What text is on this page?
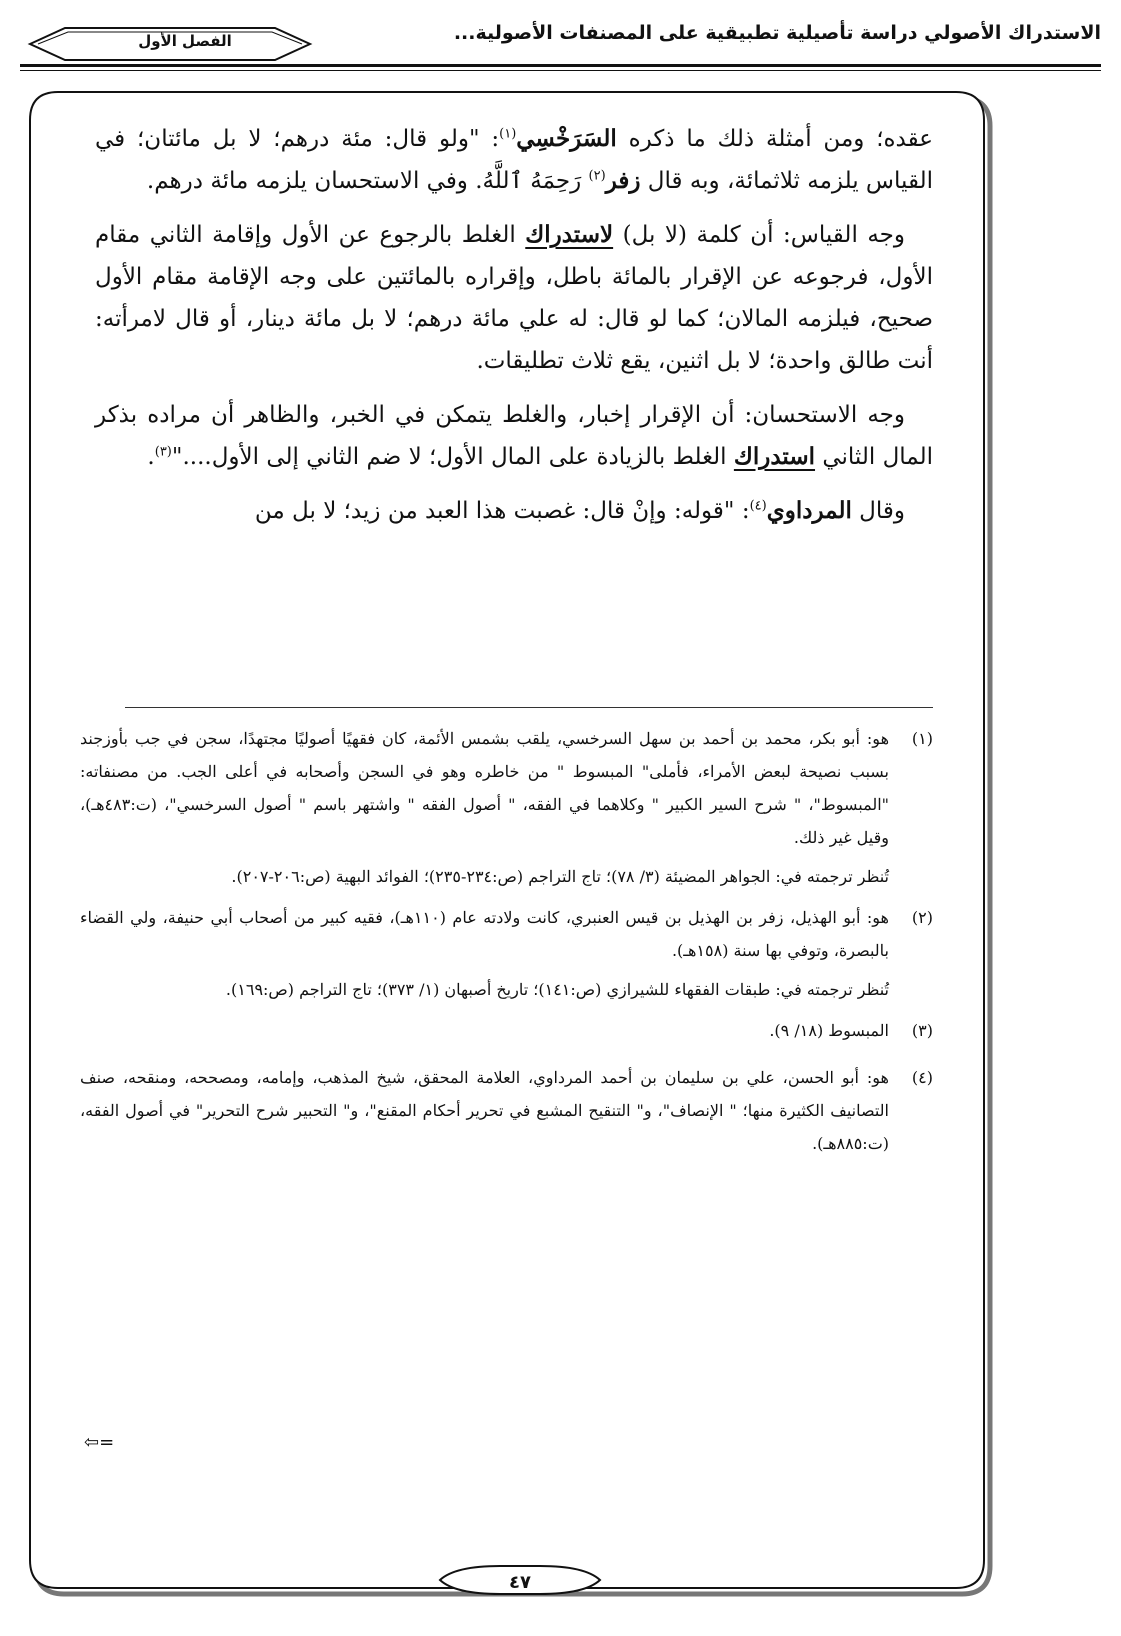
الفصل الأول	الاستدراك الأصولي دراسة تأصيلية تطبيقية على المصنفات الأصولية...

عقده؛ ومن أمثلة ذلك ما ذكره السَرَخْسِي$^{(١)}$: "ولو قال: مئة درهم؛ لا بل مائتان؛ في القياس يلزمه ثلاثمائة، وبه قال زفر$^{(٢)}$ رَحِمَهُ ٱللَّهُ. وفي الاستحسان يلزمه مائة درهم.

وجه القياس: أن كلمة (لا بل) لاستدراك الغلط بالرجوع عن الأول وإقامة الثاني مقام الأول، فرجوعه عن الإقرار بالمائة باطل، وإقراره بالمائتين على وجه الإقامة مقام الأول صحيح، فيلزمه المالان؛ كما لو قال: له علي مائة درهم؛ لا بل مائة دينار، أو قال لامرأته: أنت طالق واحدة؛ لا بل اثنين، يقع ثلاث تطليقات.

وجه الاستحسان: أن الإقرار إخبار، والغلط يتمكن في الخبر، والظاهر أن مراده بذكر المال الثاني استدراك الغلط بالزيادة على المال الأول؛ لا ضم الثاني إلى الأول...."$^{(٣)}$.

وقال المرداوي$^{(٤)}$: "قوله: وإنْ قال: غصبت هذا العبد من زيد؛ لا بل من

(١)

هو: أبو بكر، محمد بن أحمد بن سهل السرخسي، يلقب بشمس الأئمة، كان فقهيًا أصوليًا مجتهدًا، سجن في جب بأوزجند بسبب نصيحة لبعض الأمراء، فأملى" المبسوط " من خاطره وهو في السجن وأصحابه في أعلى الجب. من مصنفاته: "المبسوط"، " شرح السير الكبير " وكلاهما في الفقه، " أصول الفقه " واشتهر باسم " أصول السرخسي"، (ت:٤٨٣هـ)، وقيل غير ذلك.

تُنظر ترجمته في: الجواهر المضيئة (٣/ ٧٨)؛ تاج التراجم (ص:٢٣٤-٢٣٥)؛ الفوائد البهية (ص:٢٠٦-٢٠٧).

(٢)

هو: أبو الهذيل، زفر بن الهذيل بن قيس العنبري، كانت ولادته عام (١١٠هـ)، فقيه كبير من أصحاب أبي حنيفة، ولي القضاء بالبصرة، وتوفي بها سنة (١٥٨هـ).

تُنظر ترجمته في: طبقات الفقهاء للشيرازي (ص:١٤١)؛ تاريخ أصبهان (١/ ٣٧٣)؛ تاج التراجم (ص:١٦٩).

(٣)

المبسوط (١٨/ ٩).

(٤)

هو: أبو الحسن، علي بن سليمان بن أحمد المرداوي، العلامة المحقق، شيخ المذهب، وإمامه، ومصححه، ومنقحه، صنف التصانيف الكثيرة منها؛ " الإنصاف"، و" التنقيح المشبع في تحرير أحكام المقنع"، و" التحبير شرح التحرير" في أصول الفقه، (ت:٨٨٥هـ).

⇦=
٤٧
